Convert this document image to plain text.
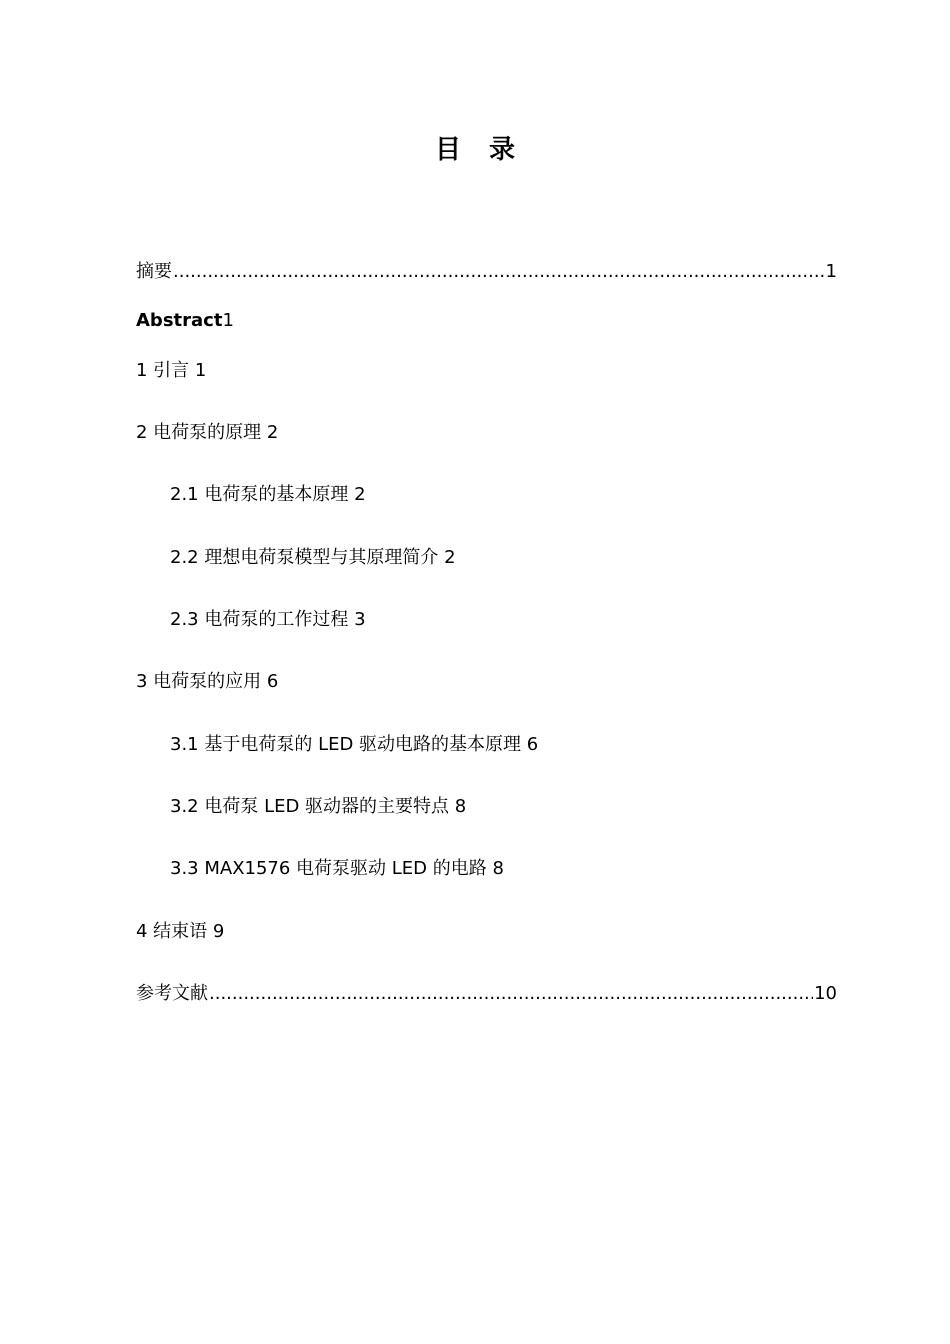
目录
摘要 .....	1
Abstract1
1 引言 1
2 电荷泵的原理 2
2.1 电荷泵的基本原理 2
2.2 理想电荷泵模型与其原理简介 2
2.3 电荷泵的工作过程 3
3 电荷泵的应用 6
3.1 基于电荷泵的 LED 驱动电路的基本原理 6
3.2 电荷泵 LED 驱动器的主要特点 8
3.3 MAX1576 电荷泵驱动 LED 的电路 8
4 结束语 9
参考文献 .....	10
